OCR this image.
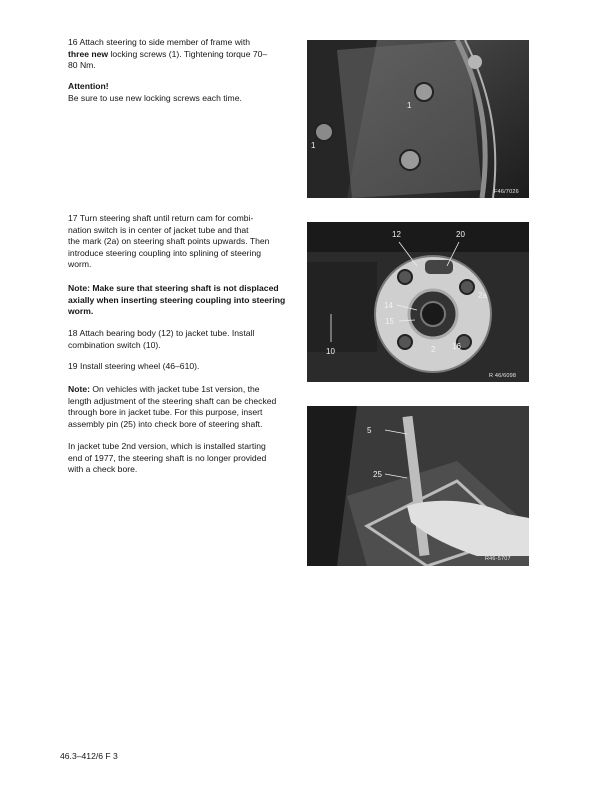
16 Attach steering to side member of frame with
three new locking screws (1). Tightening torque 70–
80 Nm.
Attention!
Be sure to use new locking screws each time.
17 Turn steering shaft until return cam for combi-
nation switch is in center of jacket tube and that
the mark (2a) on steering shaft points upwards. Then
introduce steering coupling into splining of steering
worm.
Note: Make sure that steering shaft is not displaced
axially when inserting steering coupling into steering
worm.
18 Attach bearing body (12) to jacket tube. Install
combination switch (10).
19 Install steering wheel (46–610).
Note: On vehicles with jacket tube 1st version, the
length adjustment of the steering shaft can be checked
through bore in jacket tube. For this purpose, insert
assembly pin (25) into check bore of steering shaft.
In jacket tube 2nd version, which is installed starting
end of 1977, the steering shaft is no longer provided
with a check bore.
1
1
F46/7026
12	20
2a
14
15
2 16
10
R 46/6098
5
25
R46-5707
46.3–412/6 F 3
